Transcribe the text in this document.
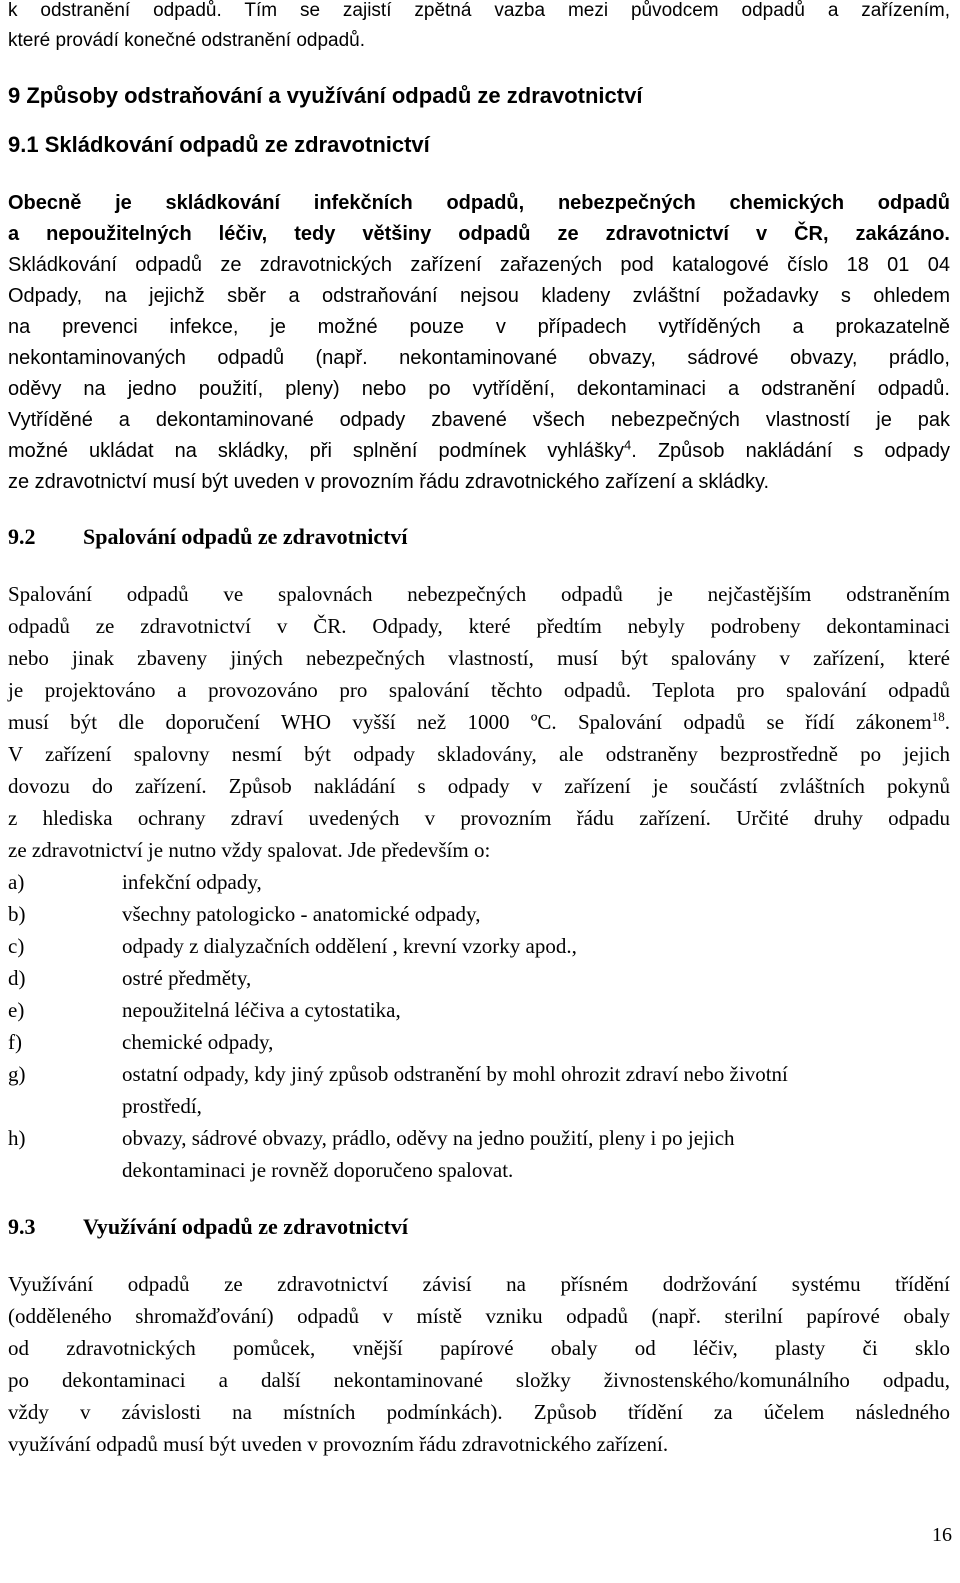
k odstranění odpadů. Tím se zajistí zpětná vazba mezi původcem odpadů a zařízením,
které provádí konečné odstranění odpadů.
9 Způsoby odstraňování a využívání odpadů ze zdravotnictví
9.1 Skládkování odpadů ze zdravotnictví
Obecně je skládkování infekčních odpadů, nebezpečných chemických odpadů
a nepoužitelných léčiv, tedy většiny odpadů ze zdravotnictví v ČR, zakázáno.
Skládkování odpadů ze zdravotnických zařízení zařazených pod katalogové číslo 18 01 04
Odpady, na jejichž sběr a odstraňování nejsou kladeny zvláštní požadavky s ohledem
na prevenci infekce, je možné pouze v případech vytříděných a prokazatelně
nekontaminovaných odpadů (např. nekontaminované obvazy, sádrové obvazy, prádlo,
oděvy na jedno použití, pleny) nebo po vytřídění, dekontaminaci a odstranění odpadů.
Vytříděné a dekontaminované odpady zbavené všech nebezpečných vlastností je pak
možné ukládat na skládky, při splnění podmínek vyhlášky$^4$. Způsob nakládání s odpady
ze zdravotnictví musí být uveden v provozním řádu zdravotnického zařízení a skládky.
9.2 Spalování odpadů ze zdravotnictví
Spalování odpadů ve spalovnách nebezpečných odpadů je nejčastějším odstraněním
odpadů ze zdravotnictví v ČR. Odpady, které předtím nebyly podrobeny dekontaminaci
nebo jinak zbaveny jiných nebezpečných vlastností, musí být spalovány v zařízení, které
je projektováno a provozováno pro spalování těchto odpadů. Teplota pro spalování odpadů
musí být dle doporučení WHO vyšší než 1000 ºC. Spalování odpadů se řídí zákonem$^{18}$.
V zařízení spalovny nesmí být odpady skladovány, ale odstraněny bezprostředně po jejich
dovozu do zařízení. Způsob nakládání s odpady v zařízení je součástí zvláštních pokynů
z hlediska ochrany zdraví uvedených v provozním řádu zařízení. Určité druhy odpadu
ze zdravotnictví je nutno vždy spalovat. Jde především o:
a)	infekční odpady,
b)	všechny patologicko - anatomické odpady,
c)	odpady z dialyzačních oddělení , krevní vzorky apod.,
d)	ostré předměty,
e)	nepoužitelná léčiva a cytostatika,
f)	chemické odpady,
g)	ostatní odpady, kdy jiný způsob odstranění by mohl ohrozit zdraví nebo životní
prostředí,
h)	obvazy, sádrové obvazy, prádlo, oděvy na jedno použití, pleny i po jejich
dekontaminaci je rovněž doporučeno spalovat.
9.3 Využívání odpadů ze zdravotnictví
Využívání odpadů ze zdravotnictví závisí na přísném dodržování systému třídění
(odděleného shromažďování) odpadů v místě vzniku odpadů (např. sterilní papírové obaly
od zdravotnických pomůcek, vnější papírové obaly od léčiv, plasty či sklo
po dekontaminaci a další nekontaminované složky živnostenského/komunálního odpadu,
vždy v závislosti na místních podmínkách). Způsob třídění za účelem následného
využívání odpadů musí být uveden v provozním řádu zdravotnického zařízení.
16
